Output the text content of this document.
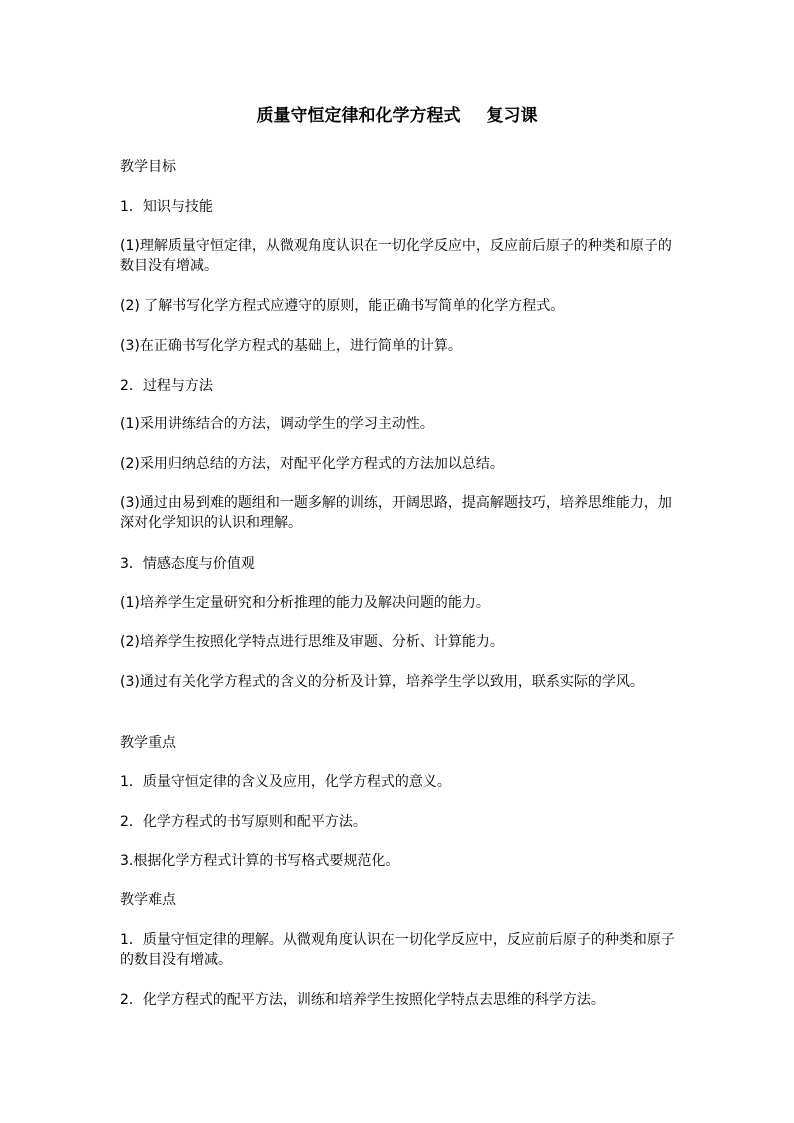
质量守恒定律和化学方程式 复习课
教学目标
1．知识与技能
(1)理解质量守恒定律，从微观角度认识在一切化学反应中，反应前后原子的种类和原子的数目没有增减。
(2) 了解书写化学方程式应遵守的原则，能正确书写简单的化学方程式。
(3)在正确书写化学方程式的基础上，进行简单的计算。
2．过程与方法
(1)采用讲练结合的方法，调动学生的学习主动性。
(2)采用归纳总结的方法，对配平化学方程式的方法加以总结。
(3)通过由易到难的题组和一题多解的训练，开阔思路，提高解题技巧，培养思维能力，加深对化学知识的认识和理解。
3．情感态度与价值观
(1)培养学生定量研究和分析推理的能力及解决问题的能力。
(2)培养学生按照化学特点进行思维及审题、分析、计算能力。
(3)通过有关化学方程式的含义的分析及计算，培养学生学以致用，联系实际的学风。
教学重点
1．质量守恒定律的含义及应用，化学方程式的意义。
2．化学方程式的书写原则和配平方法。
3.根据化学方程式计算的书写格式要规范化。
教学难点
1．质量守恒定律的理解。从微观角度认识在一切化学反应中，反应前后原子的种类和原子的数目没有增减。
2．化学方程式的配平方法，训练和培养学生按照化学特点去思维的科学方法。
